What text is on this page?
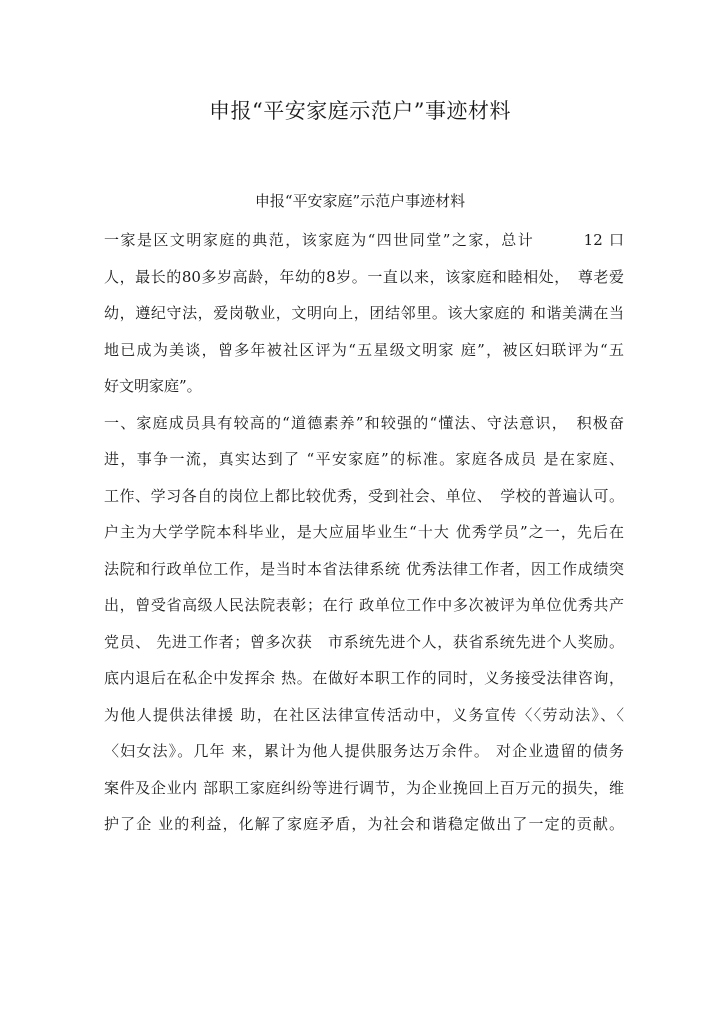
申报“平安家庭示范户”事迹材料
申报“平安家庭”示范户事迹材料
一家是区文明家庭的典范，该家庭为“四世同堂”之家，总计　　　12 口
人，最长的80多岁高龄，年幼的8岁。一直以来，该家庭和睦相处，　尊老爱
幼，遵纪守法，爱岗敬业，文明向上，团结邻里。该大家庭的 和谐美满在当
地已成为美谈，曾多年被社区评为“五星级文明家 庭”，被区妇联评为“五
好文明家庭”。
一、家庭成员具有较高的“道德素养”和较强的“懂法、守法意识，　积极奋
进，事争一流，真实达到了 “平安家庭”的标准。家庭各成员 是在家庭、
工作、学习各自的岗位上都比较优秀，受到社会、单位、　学校的普遍认可。
户主为大学学院本科毕业，是大应届毕业生“十大 优秀学员”之一，先后在
法院和行政单位工作，是当时本省法律系统 优秀法律工作者，因工作成绩突
出，曾受省高级人民法院表彰；在行 政单位工作中多次被评为单位优秀共产
党员、 先进工作者；曾多次获　市系统先进个人，获省系统先进个人奖励。
底内退后在私企中发挥余 热。在做好本职工作的同时，义务接受法律咨询，
为他人提供法律援 助，在社区法律宣传活动中，义务宣传〈〈劳动法》、〈
〈妇女法》。几年 来，累计为他人提供服务达万余件。 对企业遗留的债务
案件及企业内 部职工家庭纠纷等进行调节，为企业挽回上百万元的损失，维
护了企 业的利益，化解了家庭矛盾，为社会和谐稳定做出了一定的贡献。
